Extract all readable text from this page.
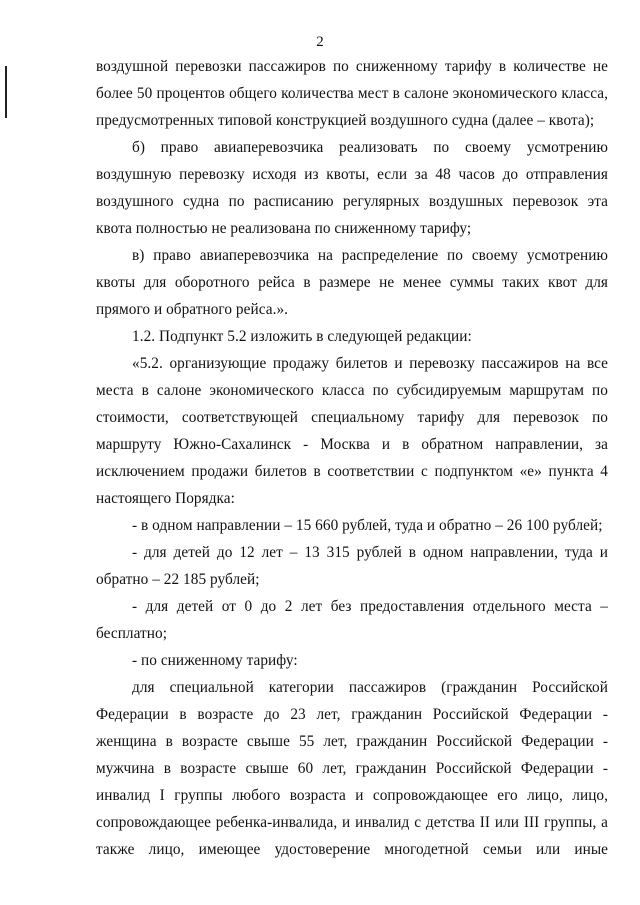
2
воздушной перевозки пассажиров по сниженному тарифу в количестве не
более 50 процентов общего количества мест в салоне экономического класса,
предусмотренных типовой конструкцией воздушного судна (далее – квота);
б) право авиаперевозчика реализовать по своему усмотрению
воздушную перевозку исходя из квоты, если за 48 часов до отправления
воздушного судна по расписанию регулярных воздушных перевозок эта
квота полностью не реализована по сниженному тарифу;
в) право авиаперевозчика на распределение по своему усмотрению
квоты для оборотного рейса в размере не менее суммы таких квот для
прямого и обратного рейса.».
1.2. Подпункт 5.2 изложить в следующей редакции:
«5.2. организующие продажу билетов и перевозку пассажиров на все
места в салоне экономического класса по субсидируемым маршрутам по
стоимости, соответствующей специальному тарифу для перевозок по
маршруту Южно-Сахалинск - Москва и в обратном направлении, за
исключением продажи билетов в соответствии с подпунктом «е» пункта 4
настоящего Порядка:
- в одном направлении – 15 660 рублей, туда и обратно – 26 100 рублей;
- для детей до 12 лет – 13 315 рублей в одном направлении, туда и
обратно – 22 185 рублей;
- для детей от 0 до 2 лет без предоставления отдельного места –
бесплатно;
- по сниженному тарифу:
для специальной категории пассажиров (гражданин Российской
Федерации в возрасте до 23 лет, гражданин Российской Федерации -
женщина в возрасте свыше 55 лет, гражданин Российской Федерации -
мужчина в возрасте свыше 60 лет, гражданин Российской Федерации -
инвалид I группы любого возраста и сопровождающее его лицо, лицо,
сопровождающее ребенка-инвалида, и инвалид с детства II или III группы, а
также лицо, имеющее удостоверение многодетной семьи или иные
